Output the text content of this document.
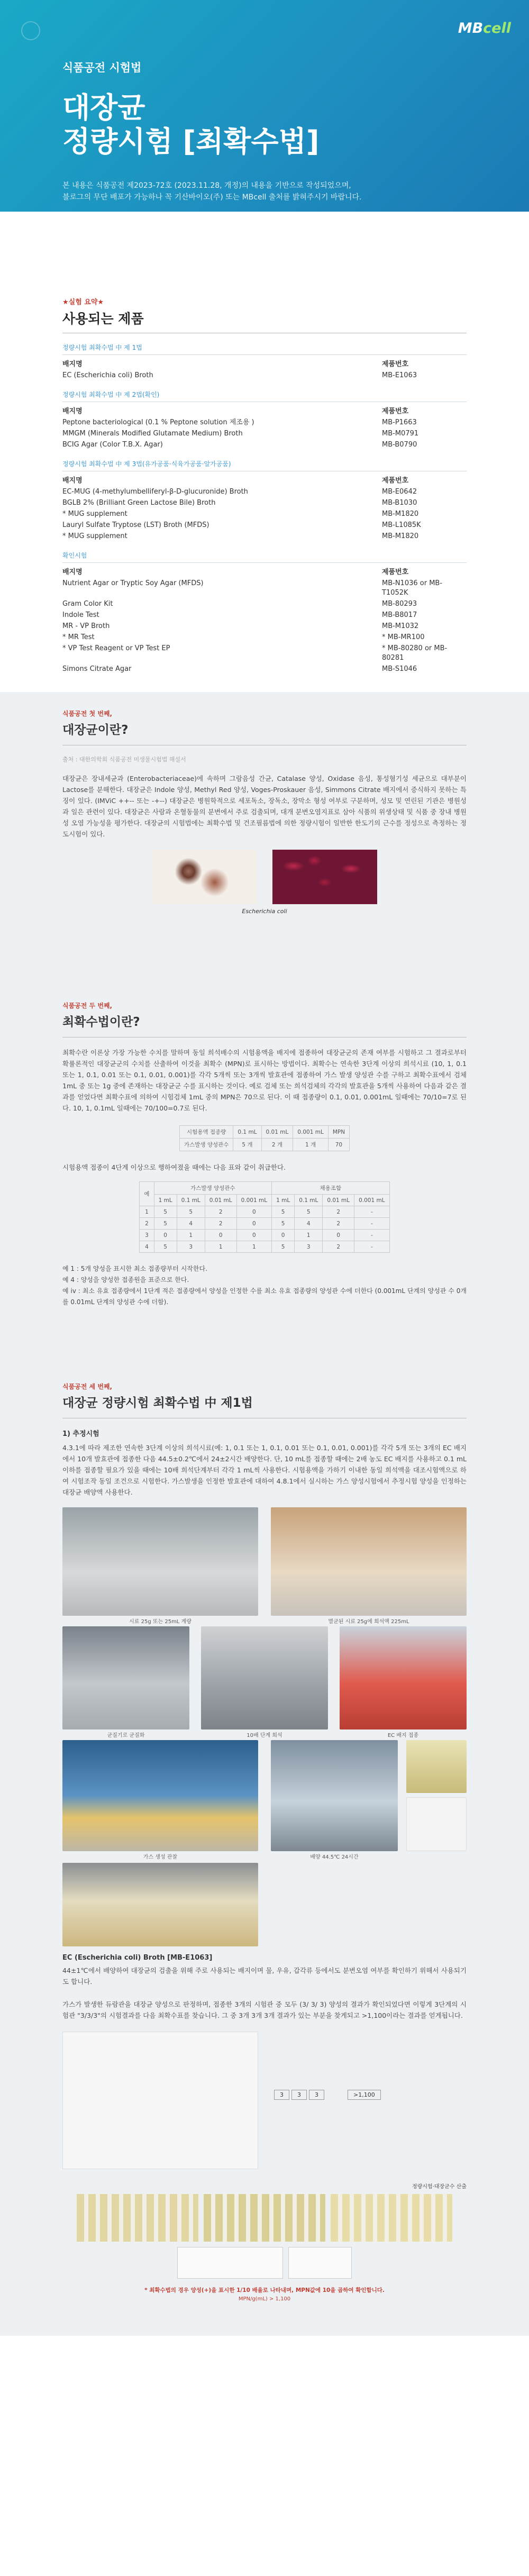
MBcell
식품공전 시험법
대장균
정량시험 [최확수법]
본 내용은 식품공전 제2023-72호 (2023.11.28, 개정)의 내용을 기반으로 작성되었으며,
블로그의 무단 배포가 가능하나 꼭 기산바이오(주) 또는 MBcell 출처를 밝혀주시기 바랍니다.
★실험 요약★
사용되는 제품
정량시험 최확수법 中 제 1법
배지명	제품번호
EC (Escherichia coli) Broth	MB-E1063
정량시험 최확수법 中 제 2법(확인)
배지명	제품번호
Peptone bacteriological (0.1 % Peptone solution 제조용 )	MB-P1663
MMGM (Minerals Modified Glutamate Medium) Broth	MB-M0791
BCIG Agar (Color T.B.X. Agar)	MB-B0790
정량시험 최확수법 中 제 3법(유가공품·식육가공품·알가공품)
배지명	제품번호
EC-MUG (4-methylumbelliferyl-β-D-glucuronide) Broth	MB-E0642
BGLB 2% (Brilliant Green Lactose Bile) Broth	MB-B1030
* MUG supplement	MB-M1820
Lauryl Sulfate Tryptose (LST) Broth (MFDS)	MB-L1085K
* MUG supplement	MB-M1820
확인시험
배지명	제품번호
Nutrient Agar or Tryptic Soy Agar (MFDS)	MB-N1036 or MB-T1052K
Gram Color Kit	MB-80293
Indole Test	MB-B8017
MR - VP Broth	MB-M1032
* MR Test	* MB-MR100
* VP Test Reagent or VP Test EP	* MB-80280 or MB-80281
Simons Citrate Agar	MB-S1046
식품공전 첫 번째,
대장균이란?
출처 : 대한의학회 식품공전 미생물시험법 해설서

대장균은 장내세균과 (Enterobacteriaceae)에 속하며 그람음성 간균, Catalase 양성, Oxidase 음성, 통성혐기성 세균으로 대부분이 Lactose를 분해한다. 대장균은 Indole 양성, Methyl Red 양성, Voges-Proskauer 음성, Simmons Citrate 배지에서 증식하지 못하는 특징이 있다. (IMViC ++-- 또는 -+--) 대장균은 병원학적으로 세포독소, 장독소, 장막소 형성 여부로 구분하며, 성모 및 연린된 기관은 병원성과 일은 관련이 있다. 대장균은 사람과 온혈동물의 분변에서 주로 검출되며, 대개 분변오염지표로 삼아 식품의 위생상태 및 식품 중 장내 병원성 오염 가능성을 평가한다. 대장균의 시험법에는 최확수법 및 건조필름법에 의한 정량시험이 일반한 한도기의 근수를 정성으로 측정하는 정도시험이 있다.

Escherichia coli
식품공전 두 번째,
최확수법이란?

최확수란 이론상 가장 가능한 수치를 말하며 동일 희석배수의 시험용액을 배지에 접종하여 대장균군의 존재 여부를 시험하고 그 결과로부터 확률론적인 대장균군의 수치를 산출하여 이것을 최확수 (MPN)로 표시하는 방법이다. 최확수는 연속한 3단계 이상의 희석시료 (10, 1, 0.1 또는 1, 0.1, 0.01 또는 0.1, 0.01, 0.001)를 각각 5개씩 또는 3개씩 발효관에 접종하여 가스 발생 양성관 수를 구하고 최확수표에서 검체 1mL 중 또는 1g 중에 존재하는 대장균군 수를 표시하는 것이다. 예로 검체 또는 희석검체의 각각의 발효관을 5개씩 사용하여 다음과 같은 결과를 얻었다면 최확수표에 의하여 시험검체 1mL 중의 MPN은 70으로 된다. 이 때 접종량이 0.1, 0.01, 0.001mL 일때에는 70/10=7로 된다. 10, 1, 0.1mL 일때에는 70/100=0.7로 된다.

시험용액 접종량	0.1 mL	0.01 mL	0.001 mL	MPN
가스발생 양성관수	5 개	2 개	1 개	70

시험용액 접종이 4단계 이상으로 행하여졌을 때에는 다음 표와 같이 취급한다.

예	가스발생 양성관수				채용조합			
	1 mL	0.1 mL	0.01 mL	0.001 mL	1 mL	0.1 mL	0.01 mL	0.001 mL
1	5	5	2	0	5	5	2	-
2	5	4	2	0	5	4	2	-
3	0	1	0	0	0	1	0	-
4	5	3	1	1	5	3	2	-

예 1 : 5개 양성을 표시한 최소 접종량부터 시작한다.

예 4 : 양성을 양성한 접종원을 표준으로 한다.

예 iv : 최소 유효 접종량에서 1단계 적은 접종량에서 양성을 인정한 수를 최소 유효 접종량의 양성관 수에 더한다 (0.001mL 단계의 양성관 수 0개를 0.01mL 단계의 양성관 수에 더함).

식품공전 세 번째,
대장균 정량시험 최확수법 中 제1법
1) 추정시험

4.3.1에 따라 제조한 연속한 3단계 이상의 희석시료(예: 1, 0.1 또는 1, 0.1, 0.01 또는 0.1, 0.01, 0.001)를 각각 5개 또는 3개의 EC 배지에서 10개 발효관에 접종한 다음 44.5±0.2℃에서 24±2시간 배양한다. 단, 10 mL를 접종할 때에는 2배 농도 EC 배지를 사용하고 0.1 mL 이하를 접종할 필요가 있을 때에는 10배 희석단계부터 각각 1 mL씩 사용한다. 시험용액을 가하기 이내한 동일 희석액을 대조시험액으로 하여 시험조작 동일 조건으로 시험한다. 가스발생을 인정한 발효관에 대하여 4.8.1에서 실시하는 가스 양성시험에서 추정시험 양성을 인정하는 대장균 배양액 사용한다.

시료 25g 또는 25mL 계량	멸균된 시료 25g에 희석액 225mL
균질기로 균질화	10배 단계 희석	EC 배지 접종
가스 생성 관찰	배양 44.5℃ 24시간
EC (Escherichia coli) Broth [MB-E1063]

44±1℃에서 배양하여 대장균의 검출을 위해 주로 사용되는 배지이며 물, 우유, 갑각류 등에서도 분변오염 여부를 확인하기 위해서 사용되기도 합니다.

가스가 발생한 듀람관을 대장균 양성으로 판정하며, 접종한 3개의 시험관 중 모두 (3/ 3/ 3) 양성의 결과가 확인되었다면 이렇게 3단계의 시험관 "3/3/3"의 시험결과를 다음 최확수표를 찾습니다. 그 중 3개 3개 3개 결과가 있는 부분을 찾게되고 >1,100이라는 결과를 얻게됩니다.

3	3	3	>1,100
정량시험·대장균수 산출
* 최확수법의 경우 양성(+)을 표시한 1/10 배율로 나타내며, MPN값에 10을 곱하여 확인합니다.
MPN/g(mL) > 1,100
